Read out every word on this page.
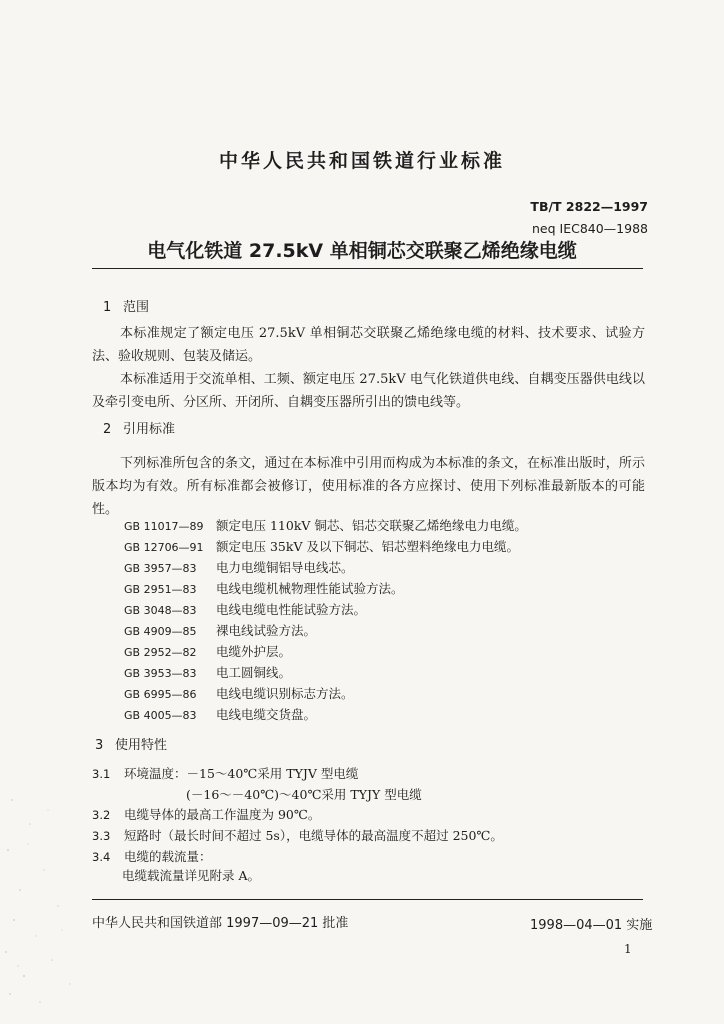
中华人民共和国铁道行业标准
TB/T 2822—1997
neq IEC840—1988
电气化铁道 27.5kV 单相铜芯交联聚乙烯绝缘电缆
1 范围
本标准规定了额定电压 27.5kV 单相铜芯交联聚乙烯绝缘电缆的材料、技术要求、试验方法、验收规则、包装及储运。
本标准适用于交流单相、工频、额定电压 27.5kV 电气化铁道供电线、自耦变压器供电线以及牵引变电所、分区所、开闭所、自耦变压器所引出的馈电线等。
2 引用标准
下列标准所包含的条文，通过在本标准中引用而构成为本标准的条文，在标准出版时，所示版本均为有效。所有标准都会被修订，使用标准的各方应探讨、使用下列标准最新版本的可能性。
GB 11017—89 额定电压 110kV 铜芯、铝芯交联聚乙烯绝缘电力电缆。
GB 12706—91 额定电压 35kV 及以下铜芯、铝芯塑料绝缘电力电缆。
GB 3957—83 电力电缆铜铝导电线芯。
GB 2951—83 电线电缆机械物理性能试验方法。
GB 3048—83 电线电缆电性能试验方法。
GB 4909—85 裸电线试验方法。
GB 2952—82 电缆外护层。
GB 3953—83 电工圆铜线。
GB 6995—86 电线电缆识别标志方法。
GB 4005—83 电线电缆交货盘。
3 使用特性
3.1 环境温度：－15～40℃采用 TYJV 型电缆
(－16～－40℃)～40℃采用 TYJY 型电缆
3.2 电缆导体的最高工作温度为 90℃。
3.3 短路时（最长时间不超过 5s），电缆导体的最高温度不超过 250℃。
3.4 电缆的载流量：
电缆载流量详见附录 A。
中华人民共和国铁道部 1997—09—21 批准	1998—04—01 实施
1
